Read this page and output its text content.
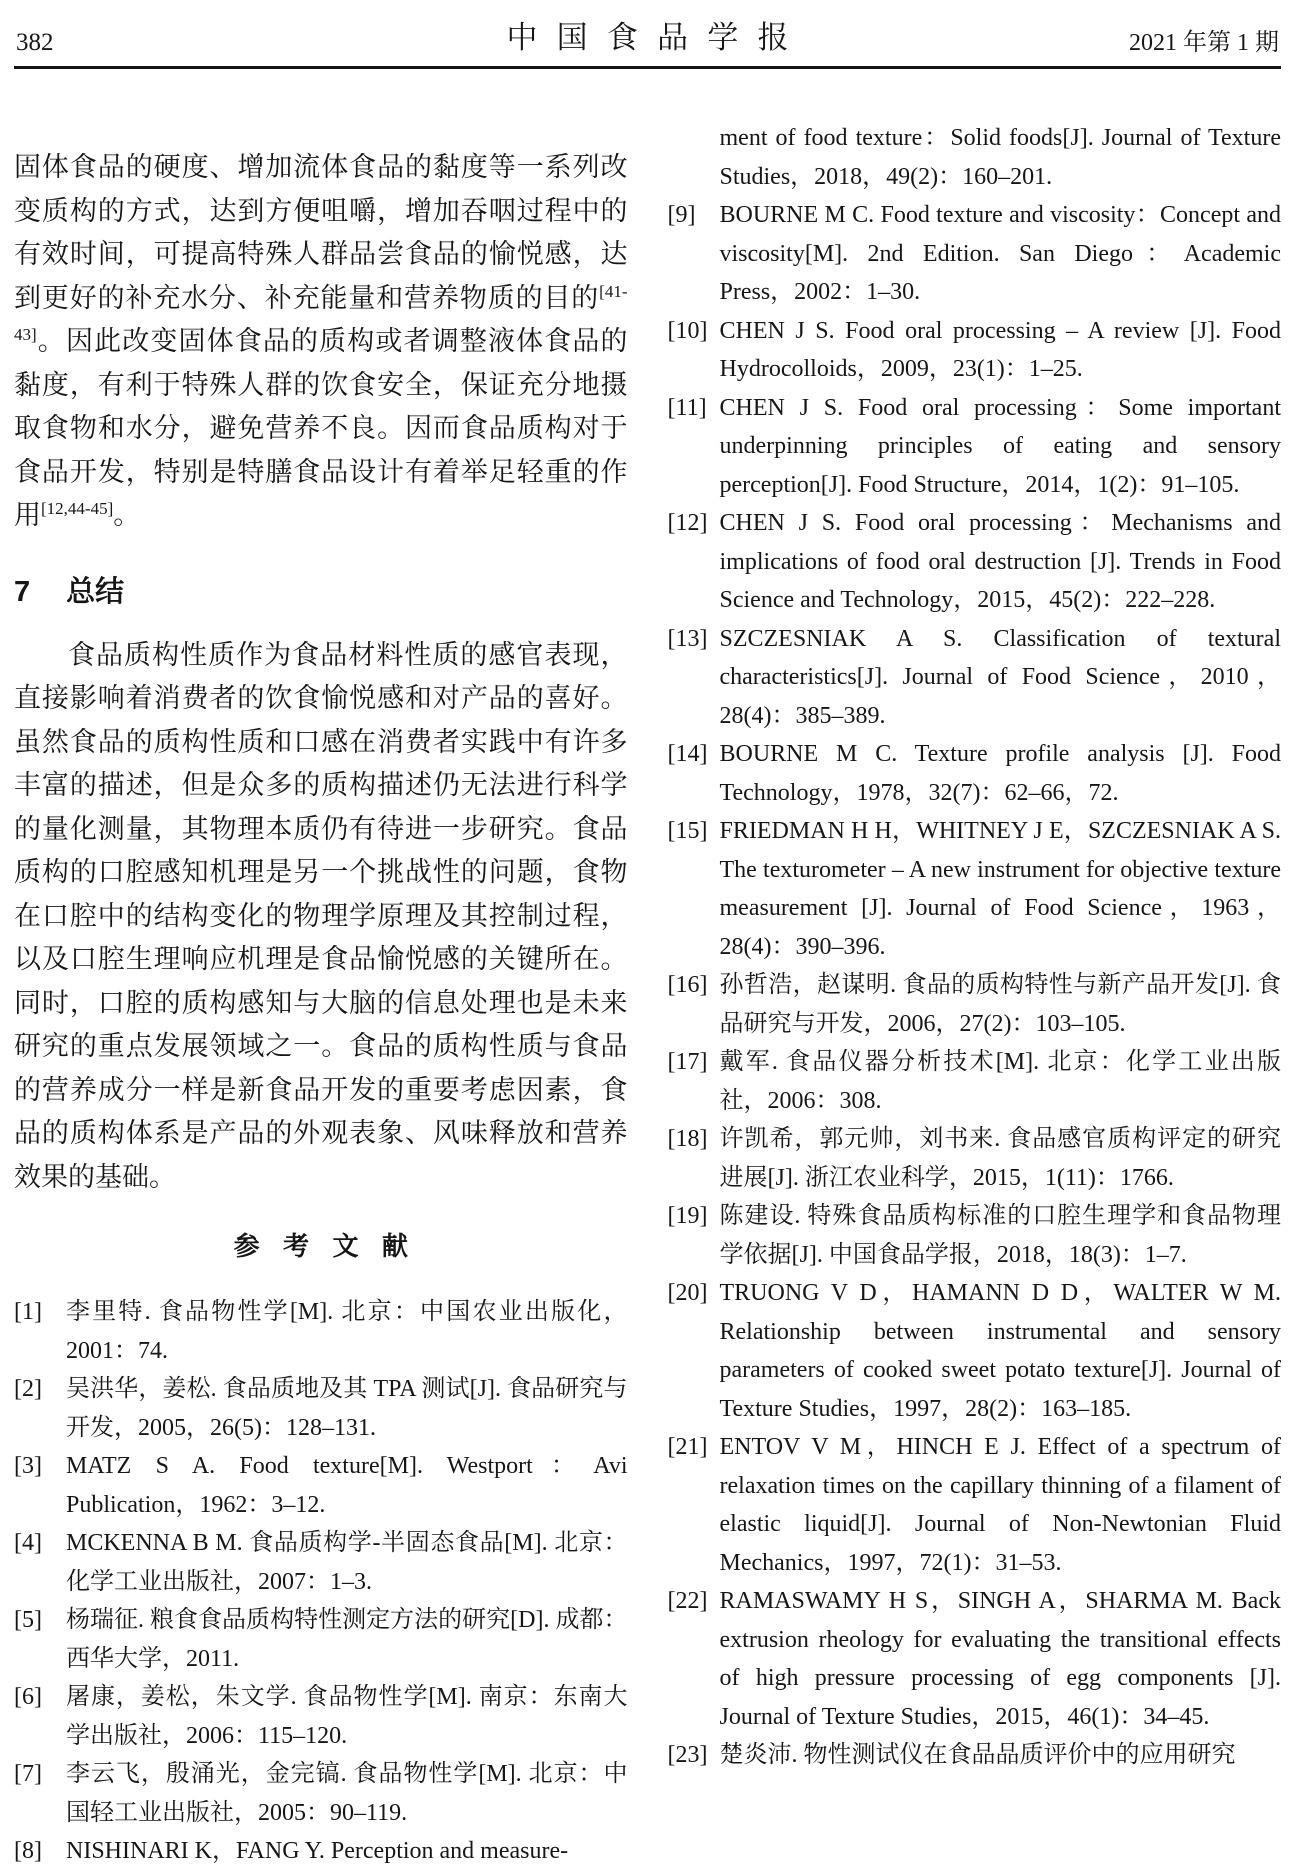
382	中国食品学报	2021 年第 1 期

固体食品的硬度、增加流体食品的黏度等一系列改变质构的方式，达到方便咀嚼，增加吞咽过程中的有效时间，可提高特殊人群品尝食品的愉悦感，达到更好的补充水分、补充能量和营养物质的目的[41-43]。因此改变固体食品的质构或者调整液体食品的黏度，有利于特殊人群的饮食安全，保证充分地摄取食物和水分，避免营养不良。因而食品质构对于食品开发，特别是特膳食品设计有着举足轻重的作用[12,44-45]。

7 总结

食品质构性质作为食品材料性质的感官表现，直接影响着消费者的饮食愉悦感和对产品的喜好。虽然食品的质构性质和口感在消费者实践中有许多丰富的描述，但是众多的质构描述仍无法进行科学的量化测量，其物理本质仍有待进一步研究。食品质构的口腔感知机理是另一个挑战性的问题，食物在口腔中的结构变化的物理学原理及其控制过程，以及口腔生理响应机理是食品愉悦感的关键所在。同时，口腔的质构感知与大脑的信息处理也是未来研究的重点发展领域之一。食品的质构性质与食品的营养成分一样是新食品开发的重要考虑因素，食品的质构体系是产品的外观表象、风味释放和营养效果的基础。

参考文献
[1]	李里特. 食品物性学[M]. 北京：中国农业出版化，2001：74.
[2]	吴洪华，姜松. 食品质地及其 TPA 测试[J]. 食品研究与开发，2005，26(5)：128–131.
[3]	MATZ S A. Food texture[M]. Westport：Avi Publication，1962：3–12.
[4]	MCKENNA B M. 食品质构学-半固态食品[M]. 北京：化学工业出版社，2007：1–3.
[5]	杨瑞征. 粮食食品质构特性测定方法的研究[D]. 成都：西华大学，2011.
[6]	屠康，姜松，朱文学. 食品物性学[M]. 南京：东南大学出版社，2006：115–120.
[7]	李云飞，殷涌光，金完镐. 食品物性学[M]. 北京：中国轻工业出版社，2005：90–119.
[8]	NISHINARI K，FANG Y. Perception and measure-
ment of food texture：Solid foods[J]. Journal of Texture Studies，2018，49(2)：160–201.
[9]	BOURNE M C. Food texture and viscosity：Concept and viscosity[M]. 2nd Edition. San Diego：Academic Press，2002：1–30.
[10] CHEN J S. Food oral processing – A review [J]. Food Hydrocolloids，2009，23(1)：1–25.
[11] CHEN J S. Food oral processing：Some important underpinning principles of eating and sensory perception[J]. Food Structure，2014，1(2)：91–105.
[12] CHEN J S. Food oral processing：Mechanisms and implications of food oral destruction [J]. Trends in Food Science and Technology，2015，45(2)：222–228.
[13] SZCZESNIAK A S. Classification of textural characteristics[J]. Journal of Food Science，2010，28(4)：385–389.
[14] BOURNE M C. Texture profile analysis [J]. Food Technology，1978，32(7)：62–66，72.
[15] FRIEDMAN H H，WHITNEY J E，SZCZESNIAK A S. The texturometer – A new instrument for objective texture measurement [J]. Journal of Food Science，1963，28(4)：390–396.
[16] 孙哲浩，赵谋明. 食品的质构特性与新产品开发[J]. 食品研究与开发，2006，27(2)：103–105.
[17] 戴军. 食品仪器分析技术[M]. 北京：化学工业出版社，2006：308.
[18] 许凯希，郭元帅，刘书来. 食品感官质构评定的研究进展[J]. 浙江农业科学，2015，1(11)：1766.
[19] 陈建设. 特殊食品质构标准的口腔生理学和食品物理学依据[J]. 中国食品学报，2018，18(3)：1–7.
[20] TRUONG V D，HAMANN D D，WALTER W M. Relationship between instrumental and sensory parameters of cooked sweet potato texture[J]. Journal of Texture Studies，1997，28(2)：163–185.
[21] ENTOV V M，HINCH E J. Effect of a spectrum of relaxation times on the capillary thinning of a filament of elastic liquid[J]. Journal of Non-Newtonian Fluid Mechanics，1997，72(1)：31–53.
[22] RAMASWAMY H S，SINGH A，SHARMA M. Back extrusion rheology for evaluating the transitional effects of high pressure processing of egg components [J]. Journal of Texture Studies，2015，46(1)：34–45.
[23] 楚炎沛. 物性测试仪在食品品质评价中的应用研究
